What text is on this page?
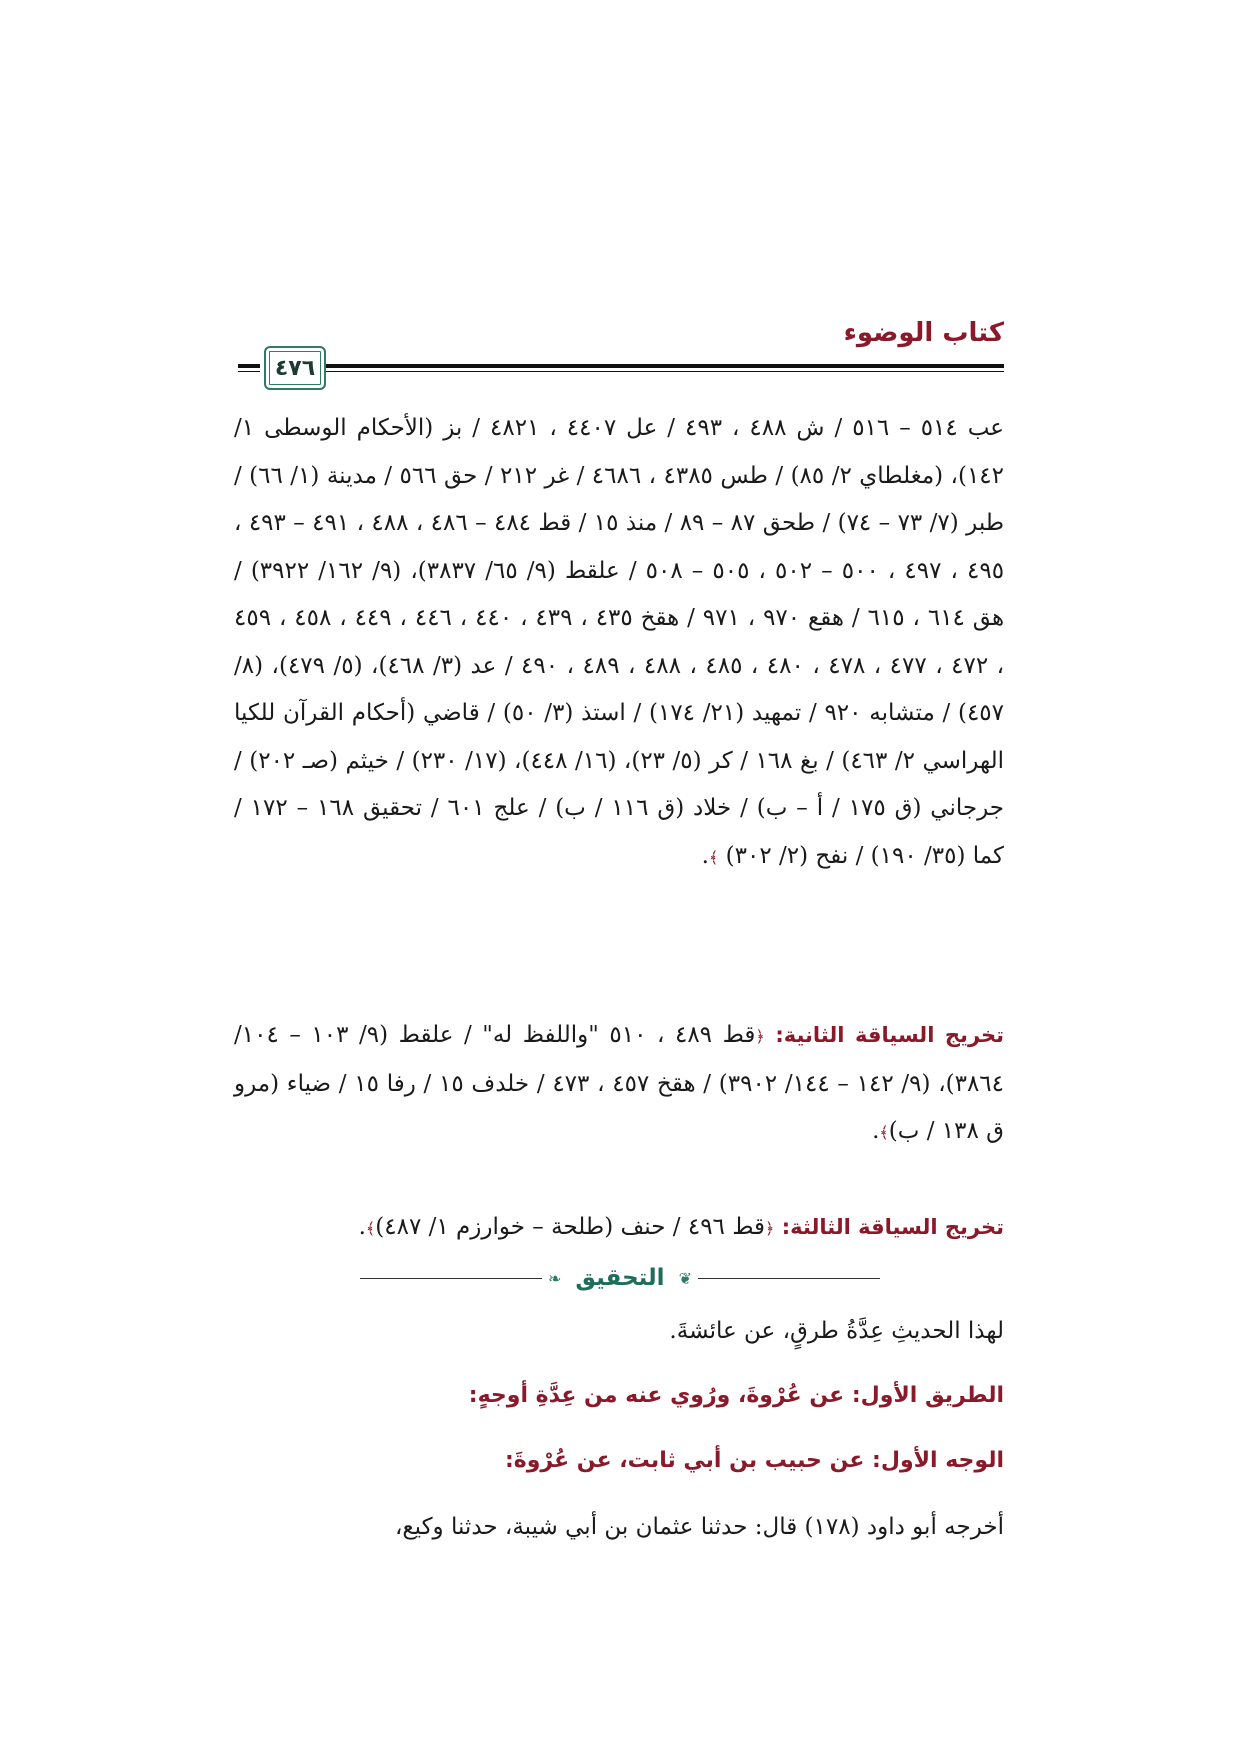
كتاب الوضوء
٤٧٦
عب ٥١٤ – ٥١٦ / ش ٤٨٨ ، ٤٩٣ / عل ٤٤٠٧ ، ٤٨٢١ / بز (الأحكام الوسطى ١/ ١٤٢)، (مغلطاي ٢/ ٨٥) / طس ٤٣٨٥ ، ٤٦٨٦ / غر ٢١٢ / حق ٥٦٦ / مدينة (١/ ٦٦) / طبر (٧/ ٧٣ – ٧٤) / طحق ٨٧ – ٨٩ / منذ ١٥ / قط ٤٨٤ – ٤٨٦ ، ٤٨٨ ، ٤٩١ – ٤٩٣ ، ٤٩٥ ، ٤٩٧ ، ٥٠٠ – ٥٠٢ ، ٥٠٥ – ٥٠٨ / علقط (٩/ ٦٥/ ٣٨٣٧)، (٩/ ١٦٢/ ٣٩٢٢) / هق ٦١٤ ، ٦١٥ / هقع ٩٧٠ ، ٩٧١ / هقخ ٤٣٥ ، ٤٣٩ ، ٤٤٠ ، ٤٤٦ ، ٤٤٩ ، ٤٥٨ ، ٤٥٩ ، ٤٧٢ ، ٤٧٧ ، ٤٧٨ ، ٤٨٠ ، ٤٨٥ ، ٤٨٨ ، ٤٨٩ ، ٤٩٠ / عد (٣/ ٤٦٨)، (٥/ ٤٧٩)، (٨/ ٤٥٧) / متشابه ٩٢٠ / تمهيد (٢١/ ١٧٤) / استذ (٣/ ٥٠) / قاضي (أحكام القرآن للكيا الهراسي ٢/ ٤٦٣) / بغ ١٦٨ / كر (٥/ ٢٣)، (١٦/ ٤٤٨)، (١٧/ ٢٣٠) / خيثم (صـ ٢٠٢) / جرجاني (ق ١٧٥ / أ – ب) / خلاد (ق ١١٦ / ب) / علج ٦٠١ / تحقيق ١٦٨ – ١٧٢ / كما (٣٥/ ١٩٠) / نفح (٢/ ٣٠٢) ﴾.
تخريج السياقة الثانية: ﴿قط ٤٨٩ ، ٥١٠ "واللفظ له" / علقط (٩/ ١٠٣ – ١٠٤/ ٣٨٦٤)، (٩/ ١٤٢ – ١٤٤/ ٣٩٠٢) / هقخ ٤٥٧ ، ٤٧٣ / خلدف ١٥ / رفا ١٥ / ضياء (مرو ق ١٣٨ / ب)﴾.
تخريج السياقة الثالثة: ﴿قط ٤٩٦ / حنف (طلحة – خوارزم ١/ ٤٨٧)﴾.
❦
التحقيق
❧
لهذا الحديثِ عِدَّةُ طرقٍ، عن عائشةَ.
الطريق الأول: عن عُرْوةَ، ورُوي عنه من عِدَّةِ أوجهٍ:
الوجه الأول: عن حبيب بن أبي ثابت، عن عُرْوةَ:
أخرجه أبو داود (١٧٨) قال: حدثنا عثمان بن أبي شيبة، حدثنا وكيع،
